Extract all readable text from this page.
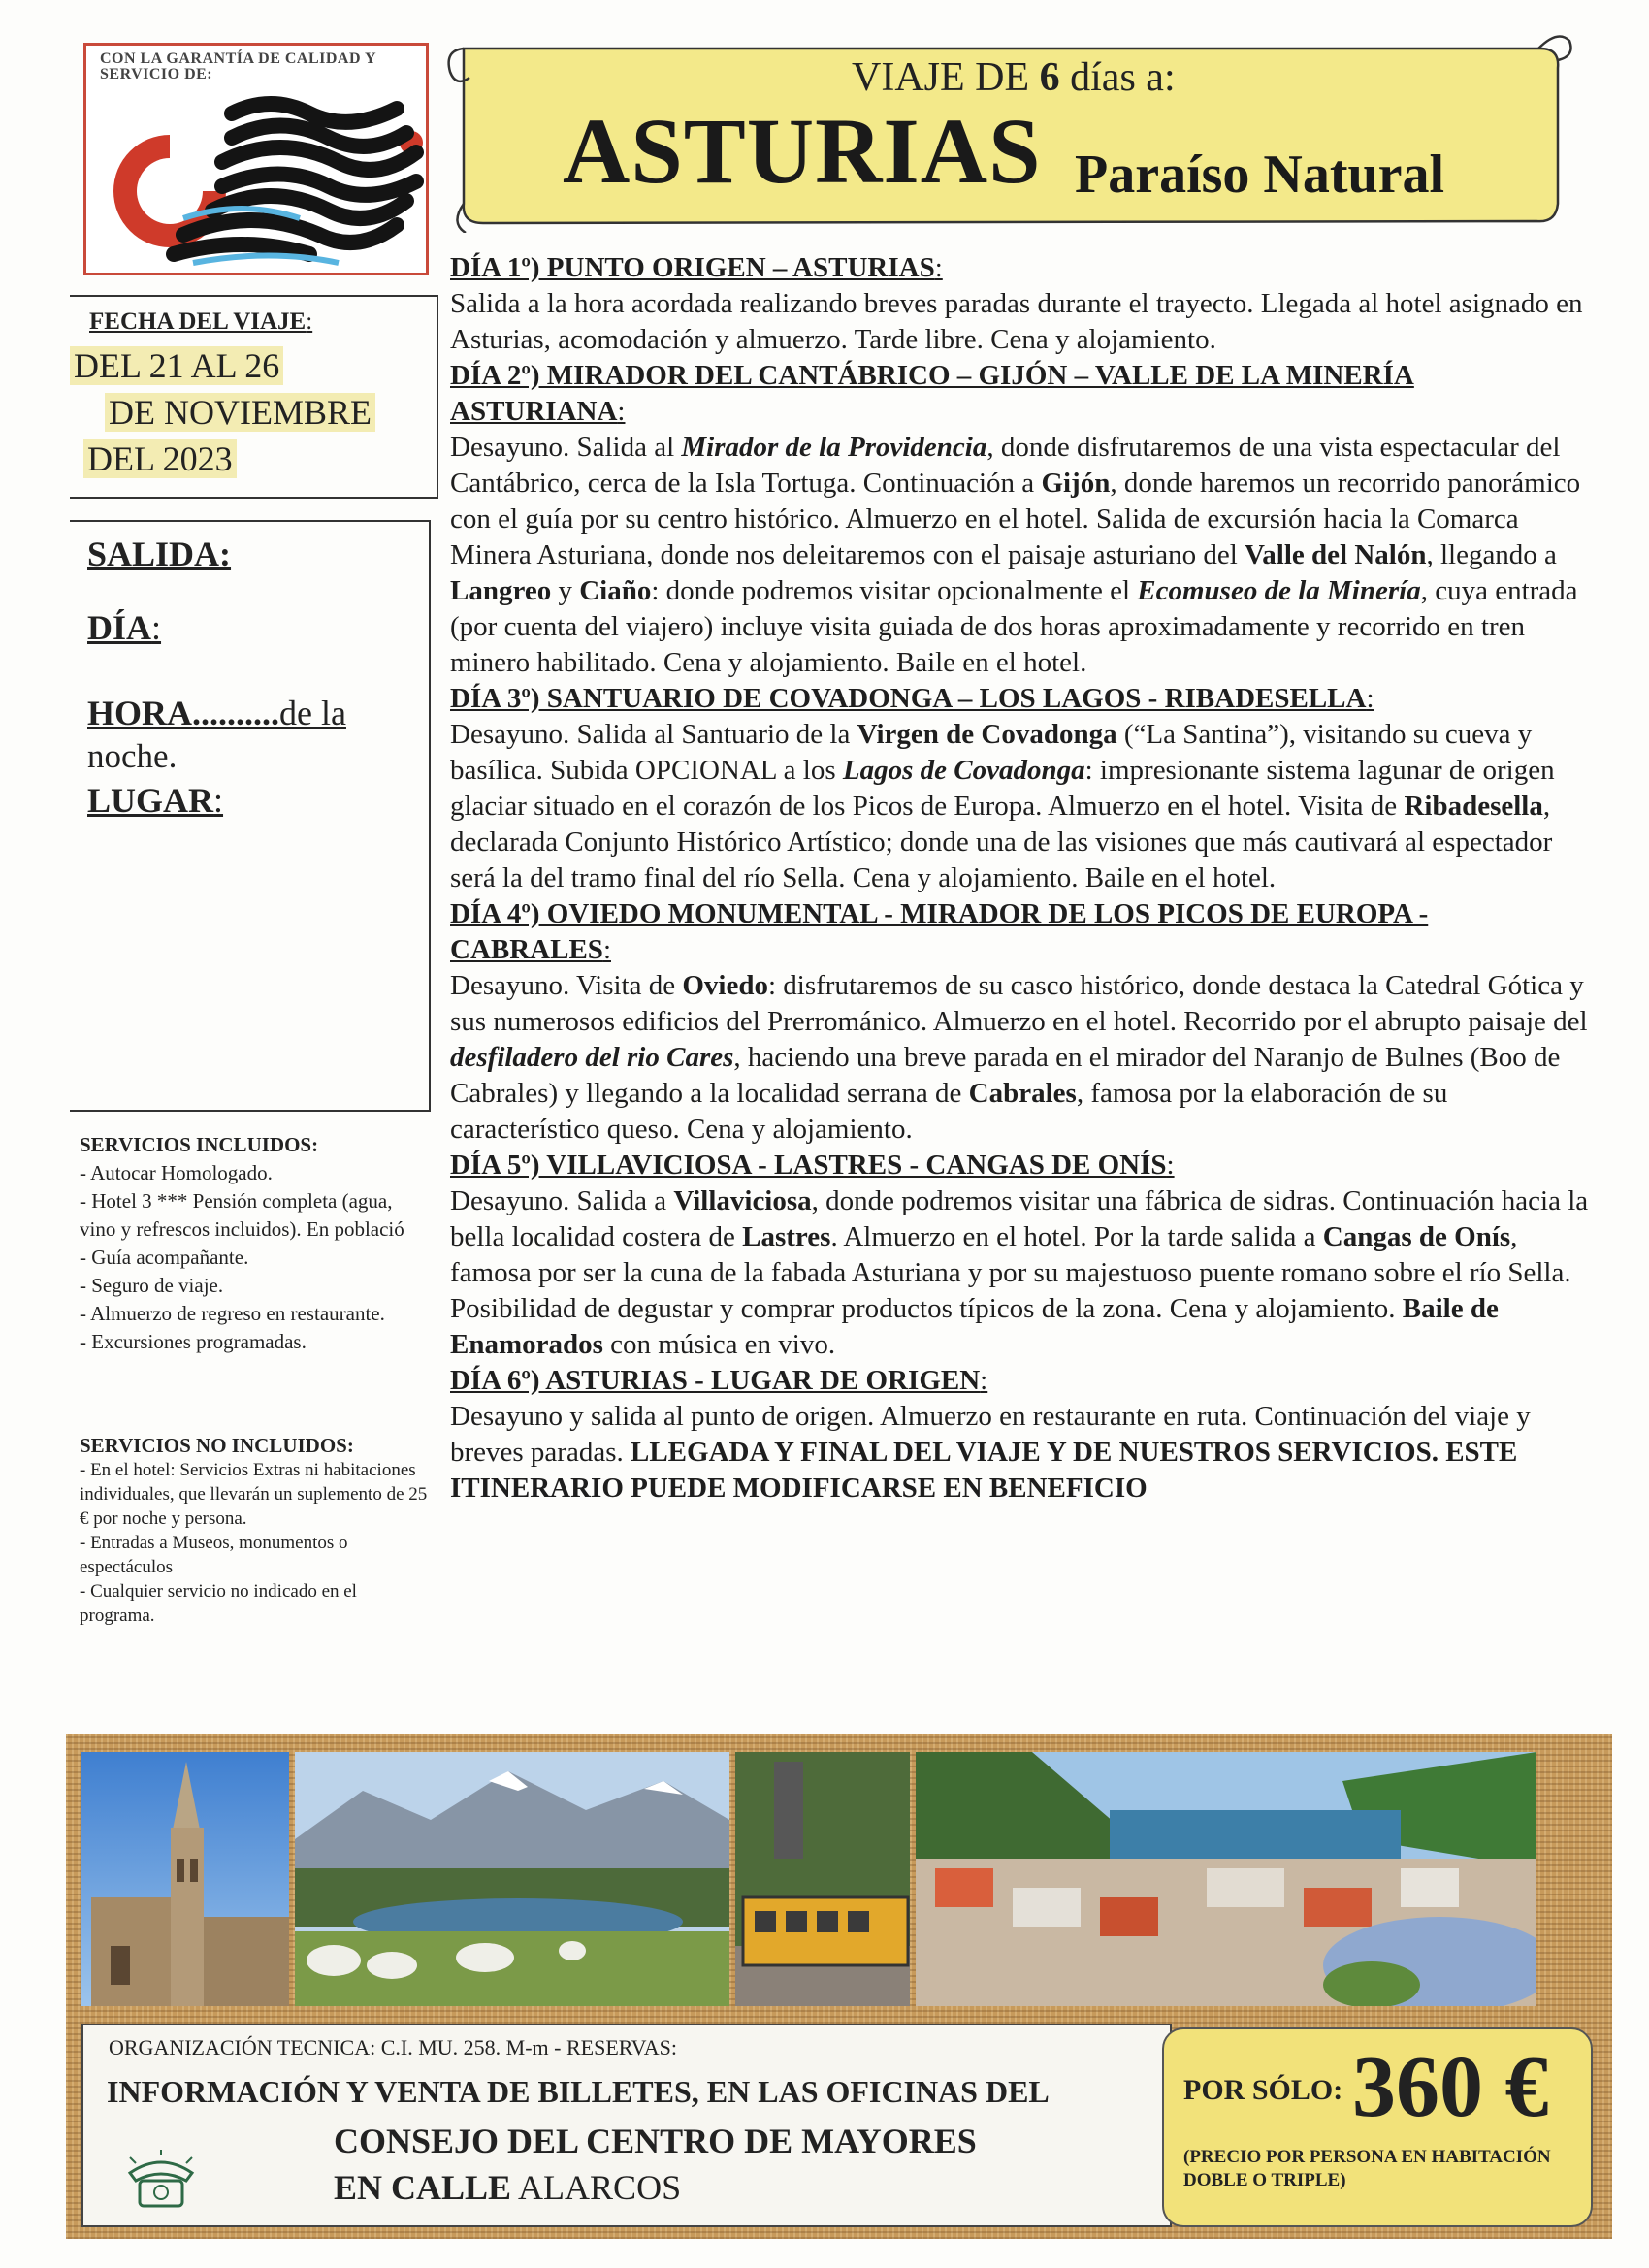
CON LA GARANTÍA DE CALIDAD Y SERVICIO DE:	VIAJE DE 6 días a:
ASTURIAS Paraíso Natural
FECHA DEL VIAJE:
DEL 21 AL 26
DE NOVIEMBRE
DEL 2023
SALIDA:
DÍA:
HORA..........de la
noche.
LUGAR:
SERVICIOS INCLUIDOS:
- Autocar Homologado.
- Hotel 3 *** Pensión completa (agua, vino y refrescos incluidos). En població
- Guía acompañante.
- Seguro de viaje.
- Almuerzo de regreso en restaurante.
- Excursiones programadas.
SERVICIOS NO INCLUIDOS:
- En el hotel: Servicios Extras ni habitaciones individuales, que llevarán un suplemento de 25 € por noche y persona.
- Entradas a Museos, monumentos o espectáculos
- Cualquier servicio no indicado en el programa.
DÍA 1º) PUNTO ORIGEN – ASTURIAS:

Salida a la hora acordada realizando breves paradas durante el trayecto. Llegada al hotel asignado en Asturias, acomodación y almuerzo. Tarde libre. Cena y alojamiento.

DÍA 2º) MIRADOR DEL CANTÁBRICO – GIJÓN – VALLE DE LA MINERÍA ASTURIANA:

Desayuno. Salida al Mirador de la Providencia, donde disfrutaremos de una vista espectacular del Cantábrico, cerca de la Isla Tortuga. Continuación a Gijón, donde haremos un recorrido panorámico con el guía por su centro histórico. Almuerzo en el hotel. Salida de excursión hacia la Comarca Minera Asturiana, donde nos deleitaremos con el paisaje asturiano del Valle del Nalón, llegando a Langreo y Ciaño: donde podremos visitar opcionalmente el Ecomuseo de la Minería, cuya entrada (por cuenta del viajero) incluye visita guiada de dos horas aproximadamente y recorrido en tren minero habilitado. Cena y alojamiento. Baile en el hotel.

DÍA 3º) SANTUARIO DE COVADONGA – LOS LAGOS - RIBADESELLA:

Desayuno. Salida al Santuario de la Virgen de Covadonga (“La Santina”), visitando su cueva y basílica. Subida OPCIONAL a los Lagos de Covadonga: impresionante sistema lagunar de origen glaciar situado en el corazón de los Picos de Europa. Almuerzo en el hotel. Visita de Ribadesella, declarada Conjunto Histórico Artístico; donde una de las visiones que más cautivará al espectador será la del tramo final del río Sella. Cena y alojamiento. Baile en el hotel.

DÍA 4º) OVIEDO MONUMENTAL - MIRADOR DE LOS PICOS DE EUROPA - CABRALES:

Desayuno. Visita de Oviedo: disfrutaremos de su casco histórico, donde destaca la Catedral Gótica y sus numerosos edificios del Prerrománico. Almuerzo en el hotel. Recorrido por el abrupto paisaje del desfiladero del rio Cares, haciendo una breve parada en el mirador del Naranjo de Bulnes (Boo de Cabrales) y llegando a la localidad serrana de Cabrales, famosa por la elaboración de su característico queso. Cena y alojamiento.

DÍA 5º) VILLAVICIOSA - LASTRES - CANGAS DE ONÍS:

Desayuno. Salida a Villaviciosa, donde podremos visitar una fábrica de sidras. Continuación hacia la bella localidad costera de Lastres. Almuerzo en el hotel. Por la tarde salida a Cangas de Onís, famosa por ser la cuna de la fabada Asturiana y por su majestuoso puente romano sobre el río Sella. Posibilidad de degustar y comprar productos típicos de la zona. Cena y alojamiento. Baile de Enamorados con música en vivo.

DÍA 6º) ASTURIAS - LUGAR DE ORIGEN:

Desayuno y salida al punto de origen. Almuerzo en restaurante en ruta. Continuación del viaje y breves paradas. LLEGADA Y FINAL DEL VIAJE Y DE NUESTROS SERVICIOS. ESTE ITINERARIO PUEDE MODIFICARSE EN BENEFICIO

ORGANIZACIÓN TECNICA: C.I. MU. 258. M-m - RESERVAS:
INFORMACIÓN Y VENTA DE BILLETES, EN LAS OFICINAS DEL
CONSEJO DEL CENTRO DE MAYORES
EN CALLE ALARCOS
POR SÓLO: 360 €
(PRECIO POR PERSONA EN HABITACIÓN DOBLE O TRIPLE)
